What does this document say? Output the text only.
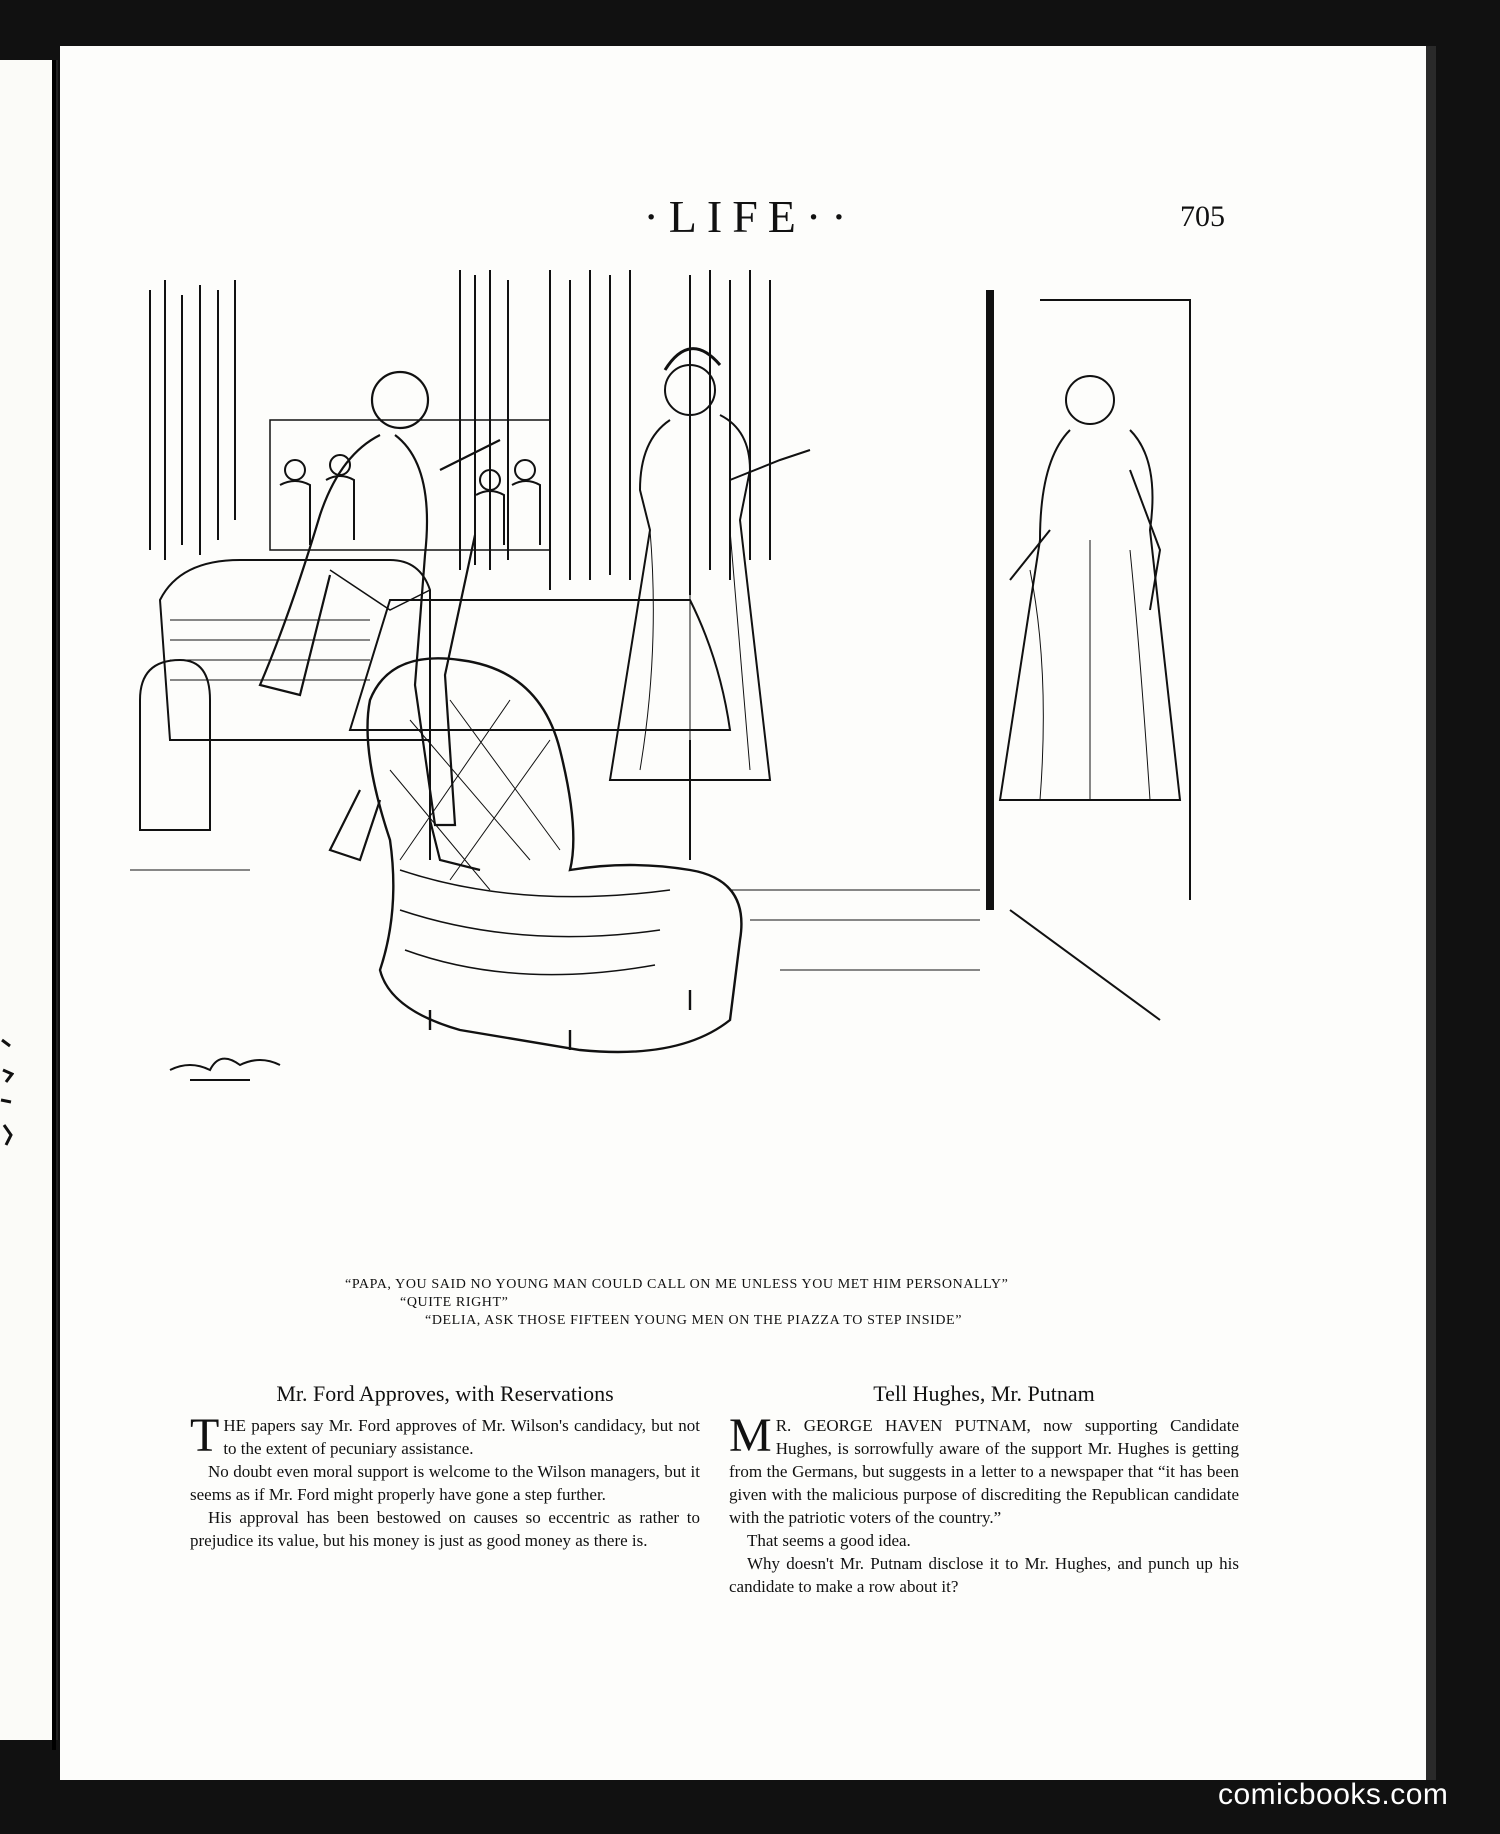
·LIFE··	705
“PAPA, YOU SAID NO YOUNG MAN COULD CALL ON ME UNLESS YOU MET HIM PERSONALLY”
“QUITE RIGHT”
“DELIA, ASK THOSE FIFTEEN YOUNG MEN ON THE PIAZZA TO STEP INSIDE”
Mr. Ford Approves, with Reservations

THE papers say Mr. Ford approves of Mr. Wilson's candidacy, but not to the extent of pecuniary assistance.

No doubt even moral support is welcome to the Wilson managers, but it seems as if Mr. Ford might properly have gone a step further.

His approval has been bestowed on causes so eccentric as rather to prejudice its value, but his money is just as good money as there is.

Tell Hughes, Mr. Putnam

M R. GEORGE HAVEN PUTNAM, now supporting Candidate Hughes, is sorrowfully aware of the support Mr. Hughes is getting from the Germans, but suggests in a letter to a newspaper that “it has been given with the malicious purpose of discrediting the Republican candidate with the patriotic voters of the country.”

That seems a good idea.

Why doesn't Mr. Putnam disclose it to Mr. Hughes, and punch up his candidate to make a row about it?

comicbooks.com
